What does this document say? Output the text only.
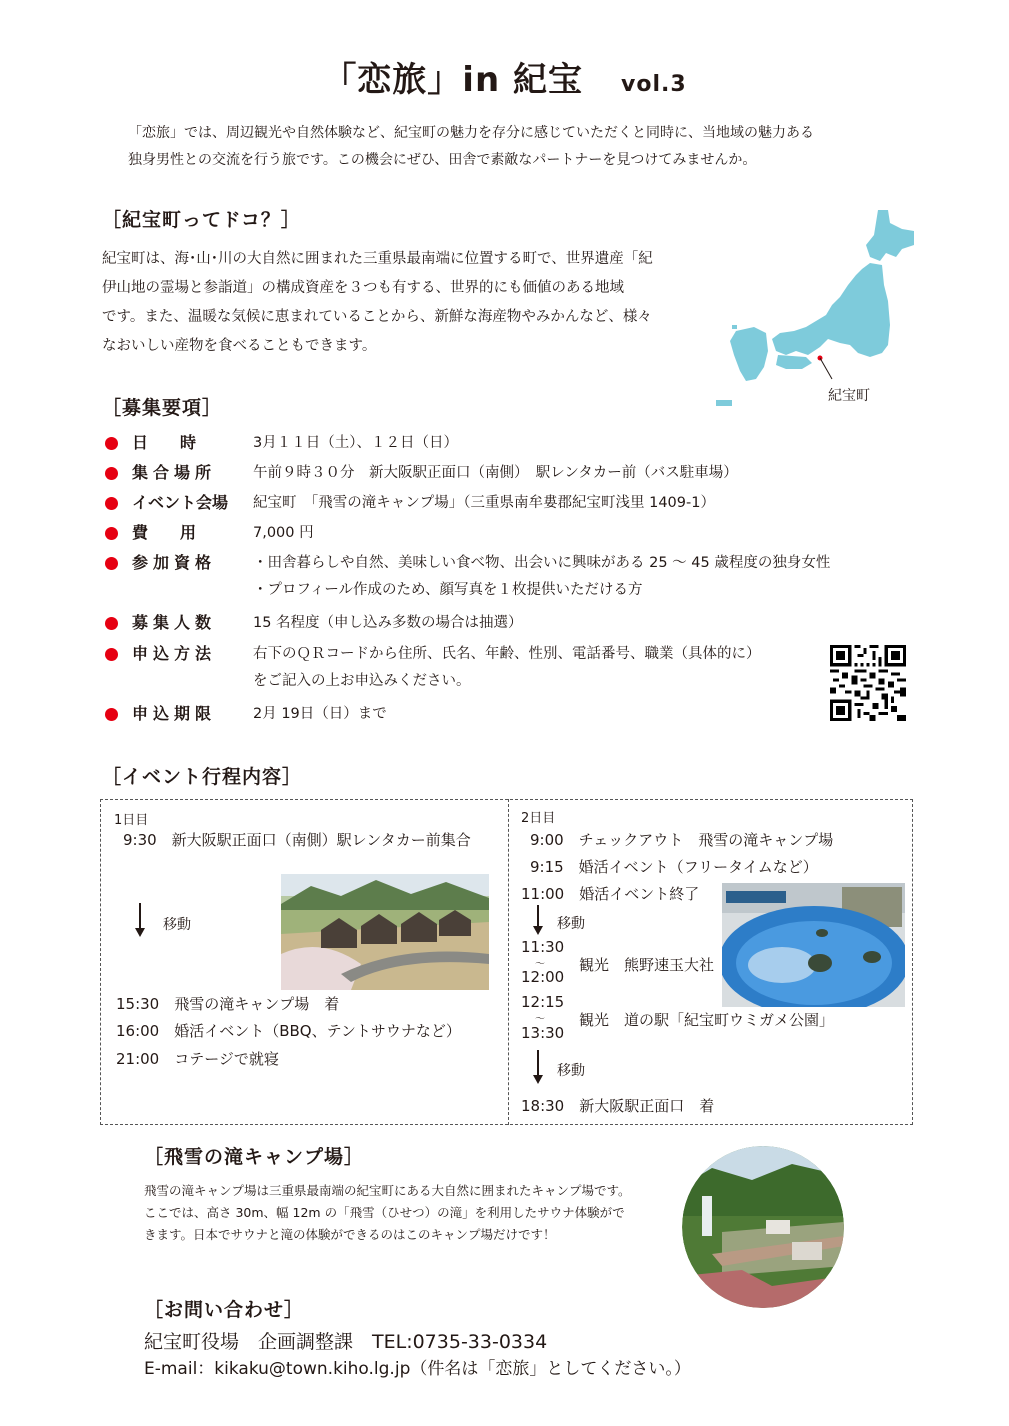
「恋旅」in 紀宝 vol.3
「恋旅」では、周辺観光や自然体験など、紀宝町の魅力を存分に感じていただくと同時に、当地域の魅力ある
独身男性との交流を行う旅です。この機会にぜひ、田舎で素敵なパートナーを見つけてみませんか。
［紀宝町ってドコ？］
紀宝町は、海･山･川の大自然に囲まれた三重県最南端に位置する町で、世界遺産「紀
伊山地の霊場と参詣道」の構成資産を３つも有する、世界的にも価値のある地域
です。また、温暖な気候に恵まれていることから、新鮮な海産物やみかんなど、様々
なおいしい産物を食べることもできます。
紀宝町
［募集要項］
日　　時	3月１１日（土）、１２日（日）
集合場所	午前９時３０分　新大阪駅正面口（南側）　駅レンタカー前（バス駐車場）
イベント会場	紀宝町　「飛雪の滝キャンプ場」（三重県南牟婁郡紀宝町浅里 1409-1）
費　　用	7,000 円
参加資格	・田舎暮らしや自然、美味しい食べ物、出会いに興味がある 25 ～ 45 歳程度の独身女性
・プロフィール作成のため、顔写真を１枚提供いただける方
募集人数	15 名程度（申し込み多数の場合は抽選）
申込方法	右下のＱＲコードから住所、氏名、年齢、性別、電話番号、職業（具体的に）
をご記入の上お申込みください。
申込期限	2月 19日（日）まで
［イベント行程内容］
1日目
9:30　新大阪駅正面口（南側）駅レンタカー前集合
移動
15:30　飛雪の滝キャンプ場　着
16:00　婚活イベント（BBQ、テントサウナなど）
21:00　コテージで就寝
2日目
9:00　チェックアウト　飛雪の滝キャンプ場
9:15　婚活イベント（フリータイムなど）
11:00　婚活イベント終了
移動
11:30
～
12:00
観光　熊野速玉大社
12:15
～
13:30
観光　道の駅「紀宝町ウミガメ公園」
移動
18:30　新大阪駅正面口　着
［飛雪の滝キャンプ場］
飛雪の滝キャンプ場は三重県最南端の紀宝町にある大自然に囲まれたキャンプ場です。
ここでは、高さ 30m、幅 12m の「飛雪（ひせつ）の滝」を利用したサウナ体験がで
きます。日本でサウナと滝の体験ができるのはこのキャンプ場だけです！
［お問い合わせ］
紀宝町役場　企画調整課　TEL:0735-33-0334
E-mail：kikaku@town.kiho.lg.jp（件名は「恋旅」としてください。）
